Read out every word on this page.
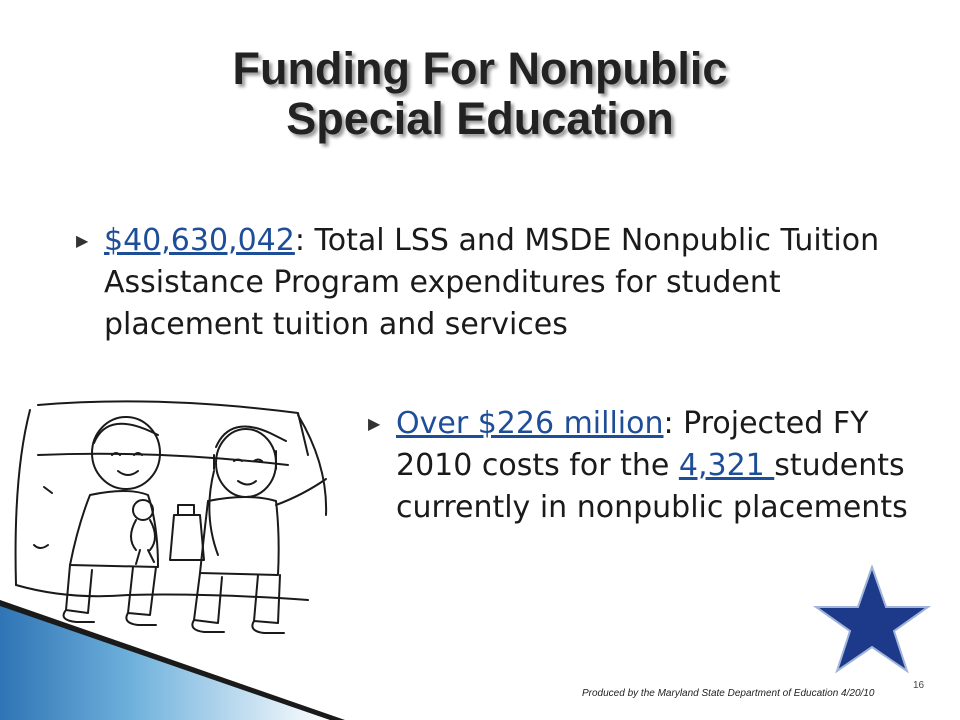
Funding For Nonpublic
Special Education
▶ $40,630,042: Total LSS and MSDE Nonpublic Tuition Assistance Program expenditures for student placement tuition and services
▶ Over $226 million: Projected FY 2010 costs for the 4,321 students currently in nonpublic placements
Produced by the Maryland State Department of Education 4/20/10
16
